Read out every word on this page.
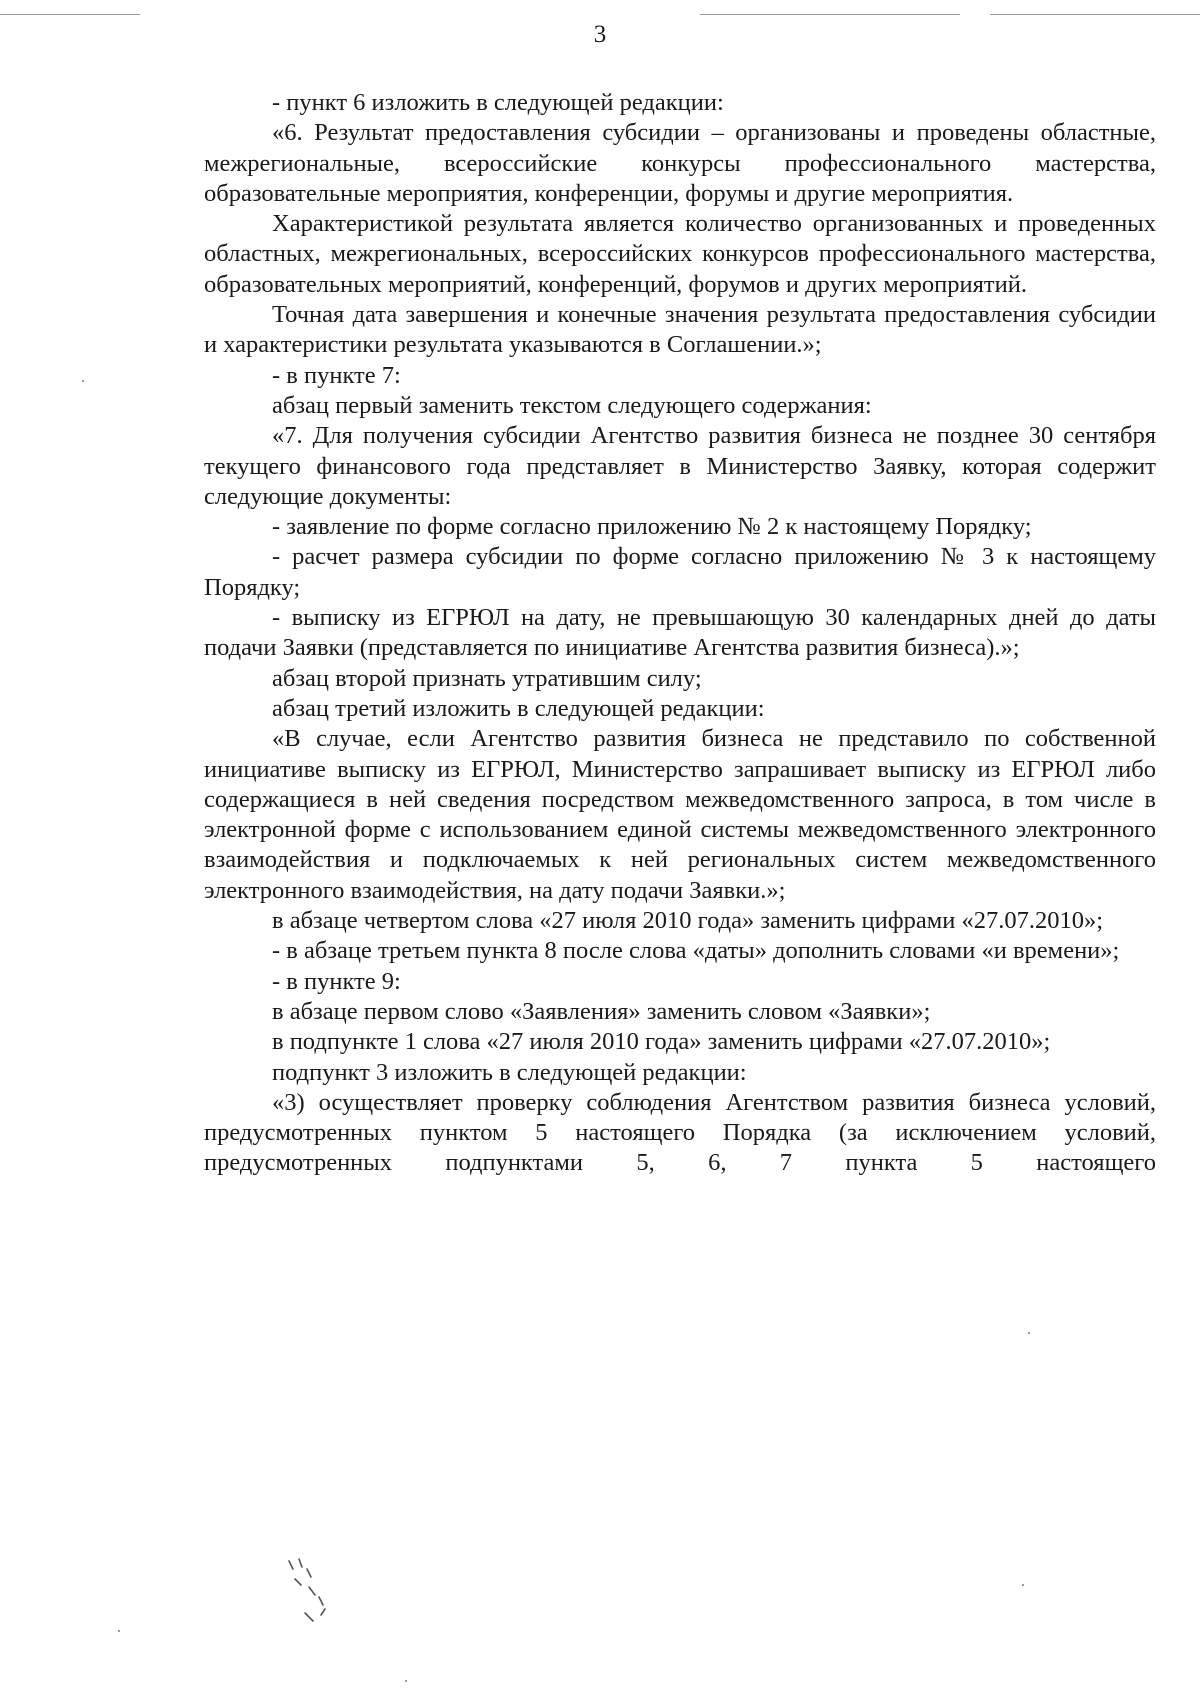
3

- пункт 6 изложить в следующей редакции:

«6. Результат предоставления субсидии – организованы и проведены областные, межрегиональные, всероссийские конкурсы профессионального мастерства, образовательные мероприятия, конференции, форумы и другие мероприятия.

Характеристикой результата является количество организованных и проведенных областных, межрегиональных, всероссийских конкурсов профессионального мастерства, образовательных мероприятий, конференций, форумов и других мероприятий.

Точная дата завершения и конечные значения результата предоставления субсидии и характеристики результата указываются в Соглашении.»;

- в пункте 7:

абзац первый заменить текстом следующего содержания:

«7. Для получения субсидии Агентство развития бизнеса не позднее 30 сентября текущего финансового года представляет в Министерство Заявку, которая содержит следующие документы:

- заявление по форме согласно приложению № 2 к настоящему Порядку;

- расчет размера субсидии по форме согласно приложению № 3 к настоящему Порядку;

- выписку из ЕГРЮЛ на дату, не превышающую 30 календарных дней до даты подачи Заявки (представляется по инициативе Агентства развития бизнеса).»;

абзац второй признать утратившим силу;

абзац третий изложить в следующей редакции:

«В случае, если Агентство развития бизнеса не представило по собственной инициативе выписку из ЕГРЮЛ, Министерство запрашивает выписку из ЕГРЮЛ либо содержащиеся в ней сведения посредством межведомственного запроса, в том числе в электронной форме с использованием единой системы межведомственного электронного взаимодействия и подключаемых к ней региональных систем межведомственного электронного взаимодействия, на дату подачи Заявки.»;

в абзаце четвертом слова «27 июля 2010 года» заменить цифрами «27.07.2010»;

- в абзаце третьем пункта 8 после слова «даты» дополнить словами «и времени»;

- в пункте 9:

в абзаце первом слово «Заявления» заменить словом «Заявки»;

в подпункте 1 слова «27 июля 2010 года» заменить цифрами «27.07.2010»;

подпункт 3 изложить в следующей редакции:

«3) осуществляет проверку соблюдения Агентством развития бизнеса условий, предусмотренных пунктом 5 настоящего Порядка (за исключением условий, предусмотренных подпунктами 5, 6, 7 пункта 5 настоящего
